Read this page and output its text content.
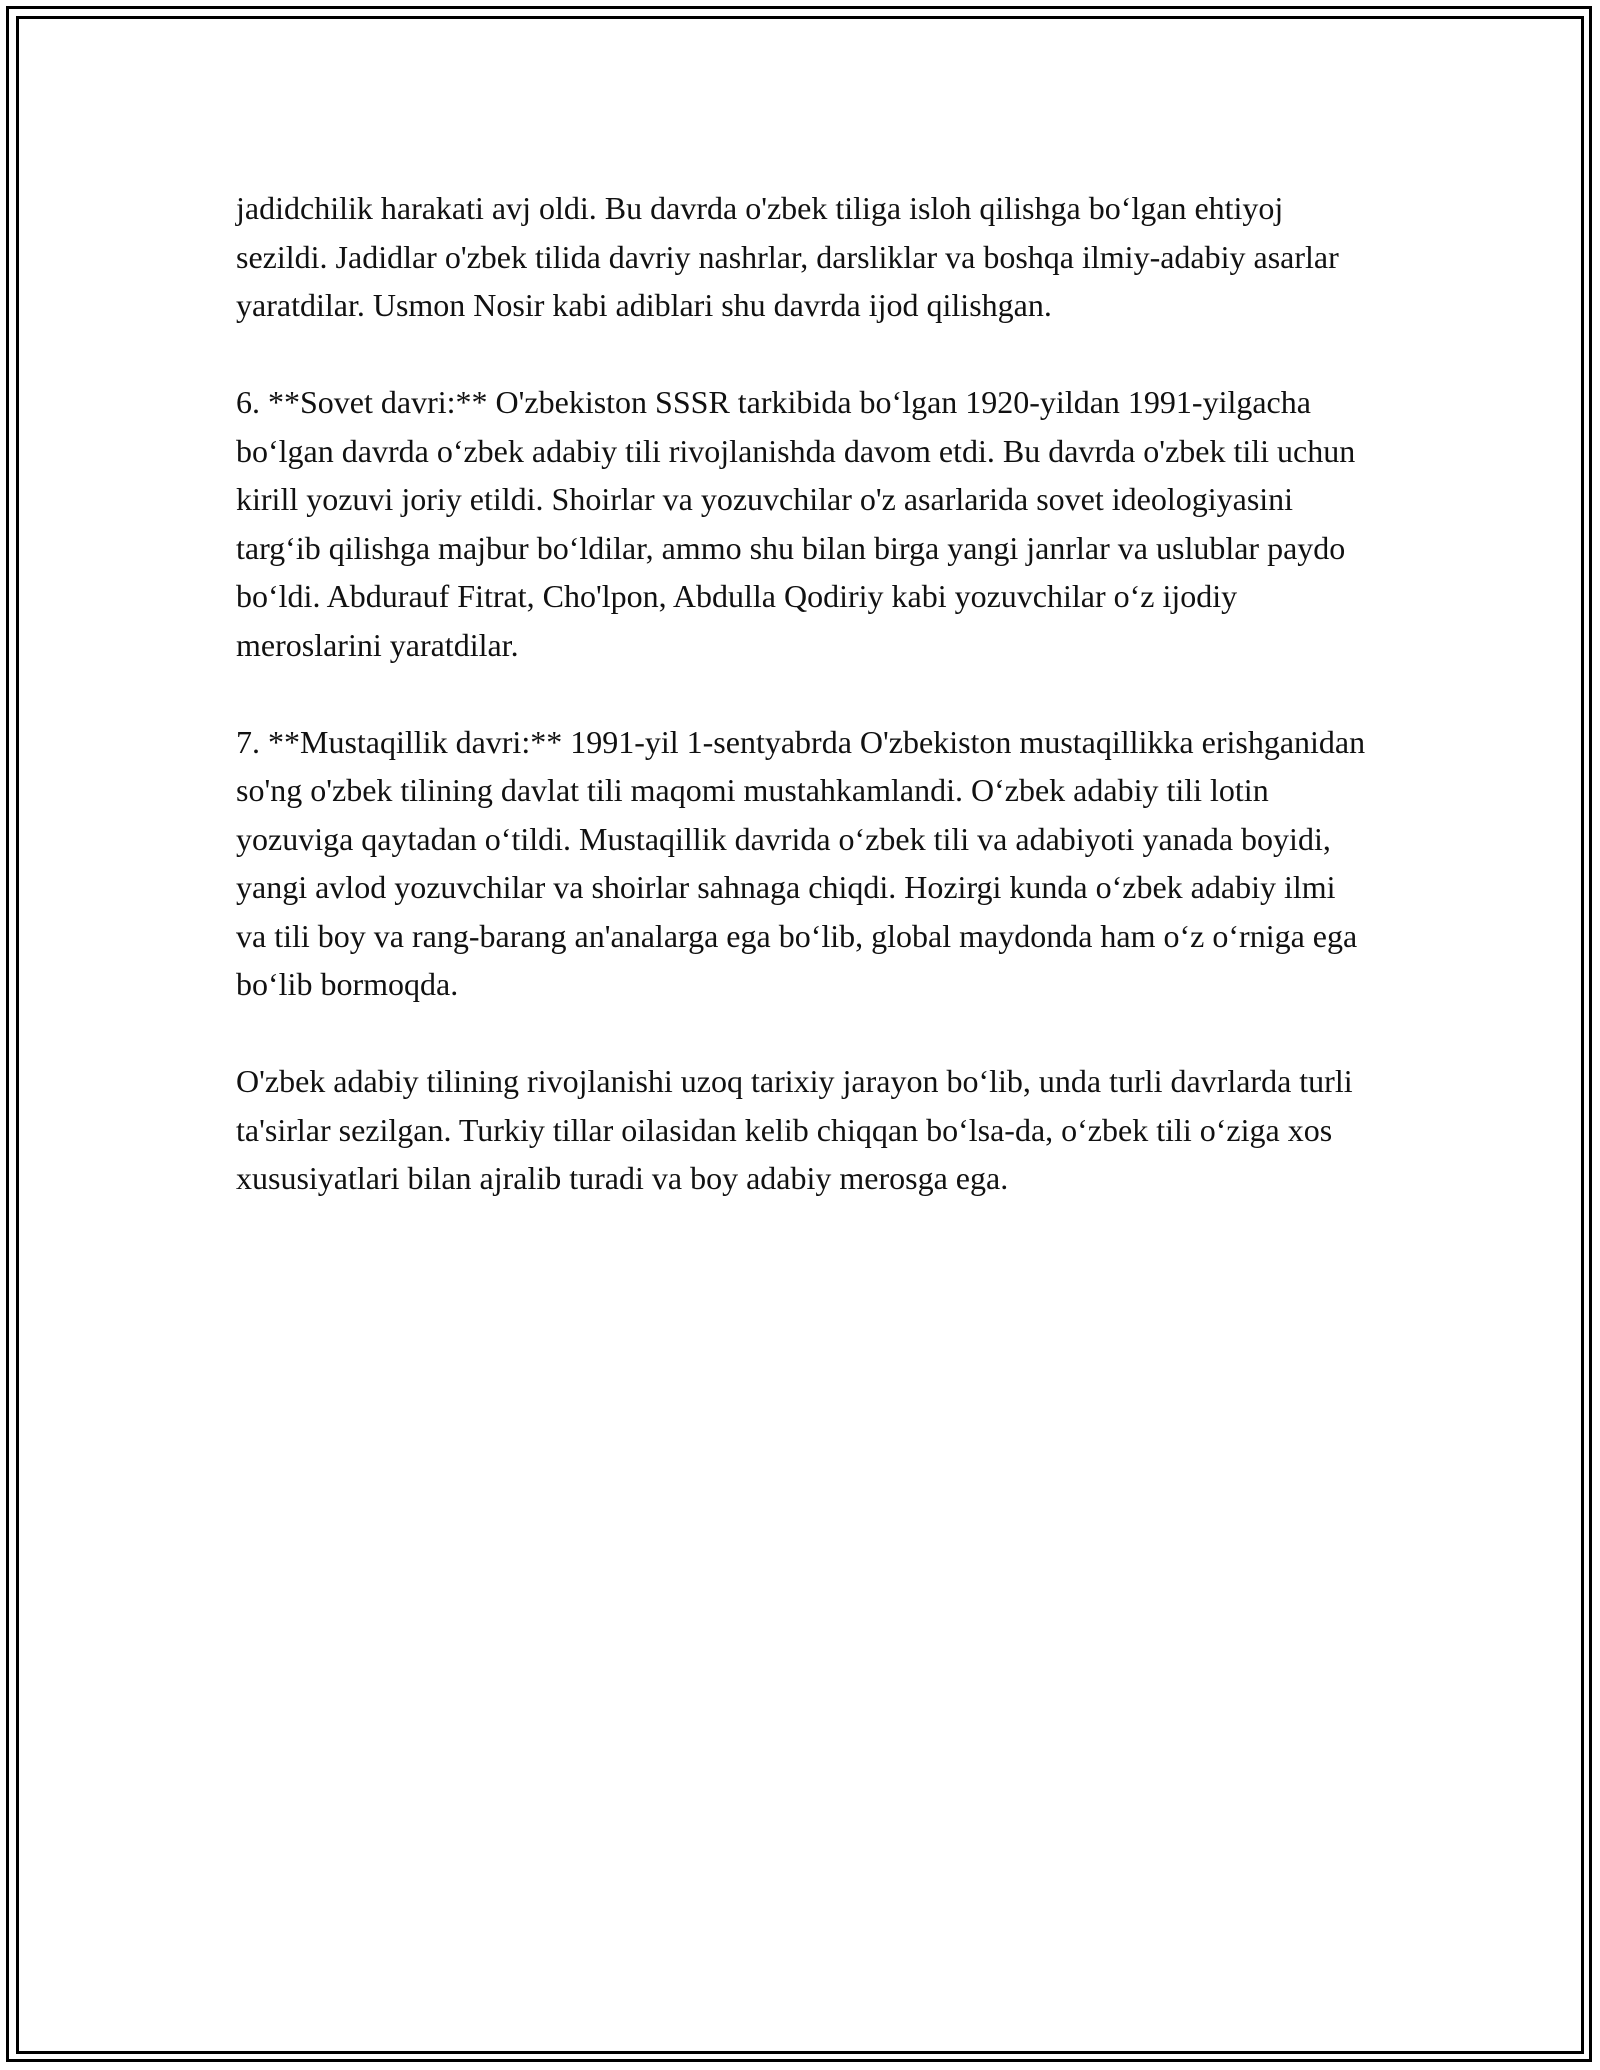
jadidchilik harakati avj oldi. Bu davrda o'zbek tiliga isloh qilishga bo‘lgan ehtiyoj sezildi. Jadidlar o'zbek tilida davriy nashrlar, darsliklar va boshqa ilmiy-adabiy asarlar yaratdilar. Usmon Nosir kabi adiblari shu davrda ijod qilishgan.

6. **Sovet davri:** O'zbekiston SSSR tarkibida bo‘lgan 1920-yildan 1991-yilgacha bo‘lgan davrda o‘zbek adabiy tili rivojlanishda davom etdi. Bu davrda o'zbek tili uchun kirill yozuvi joriy etildi. Shoirlar va yozuvchilar o'z asarlarida sovet ideologiyasini targ‘ib qilishga majbur bo‘ldilar, ammo shu bilan birga yangi janrlar va uslublar paydo bo‘ldi. Abdurauf Fitrat, Cho'lpon, Abdulla Qodiriy kabi yozuvchilar o‘z ijodiy meroslarini yaratdilar.

7. **Mustaqillik davri:** 1991-yil 1-sentyabrda O'zbekiston mustaqillikka erishganidan so'ng o'zbek tilining davlat tili maqomi mustahkamlandi. O‘zbek adabiy tili lotin yozuviga qaytadan o‘tildi. Mustaqillik davrida o‘zbek tili va adabiyoti yanada boyidi, yangi avlod yozuvchilar va shoirlar sahnaga chiqdi. Hozirgi kunda o‘zbek adabiy ilmi va tili boy va rang-barang an'analarga ega bo‘lib, global maydonda ham o‘z o‘rniga ega bo‘lib bormoqda.

O'zbek adabiy tilining rivojlanishi uzoq tarixiy jarayon bo‘lib, unda turli davrlarda turli ta'sirlar sezilgan. Turkiy tillar oilasidan kelib chiqqan bo‘lsa-da, o‘zbek tili o‘ziga xos xususiyatlari bilan ajralib turadi va boy adabiy merosga ega.
